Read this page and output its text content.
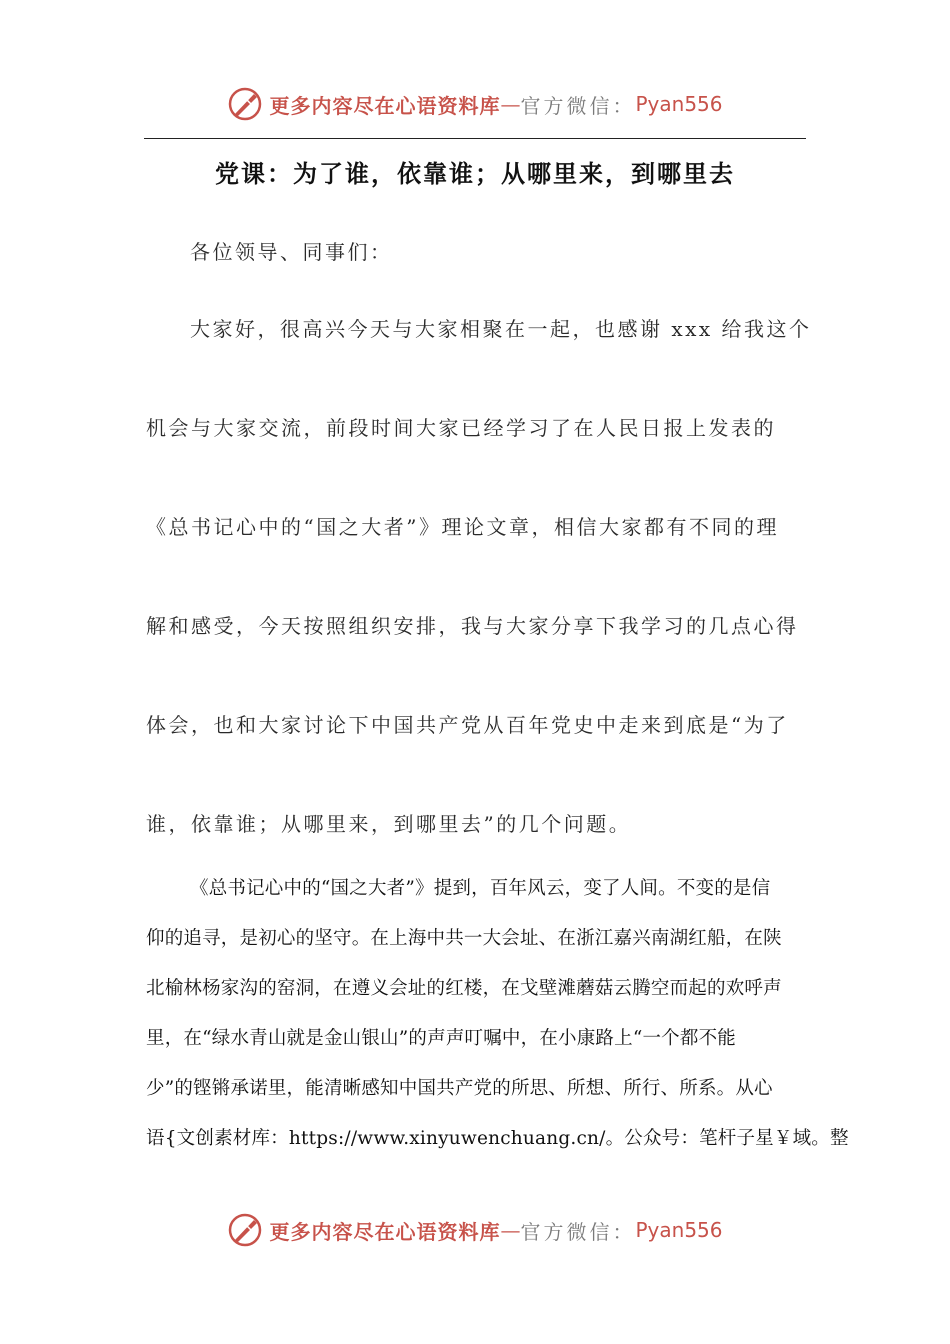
更多内容尽在心语资料库 — 官方微信： Pyan556
党课：为了谁，依靠谁；从哪里来，到哪里去
各位领导、同事们：
大家好，很高兴今天与大家相聚在一起，也感谢 xxx 给我这个
机会与大家交流，前段时间大家已经学习了在人民日报上发表的
《总书记心中的“国之大者”》理论文章，相信大家都有不同的理
解和感受，今天按照组织安排，我与大家分享下我学习的几点心得
体会，也和大家讨论下中国共产党从百年党史中走来到底是“为了
谁，依靠谁；从哪里来，到哪里去”的几个问题。
《总书记心中的“国之大者”》提到，百年风云，变了人间。不变的是信
仰的追寻，是初心的坚守。在上海中共一大会址、在浙江嘉兴南湖红船，在陕
北榆林杨家沟的窑洞，在遵义会址的红楼，在戈壁滩蘑菇云腾空而起的欢呼声
里，在“绿水青山就是金山银山”的声声叮嘱中，在小康路上“一个都不能
少”的铿锵承诺里，能清晰感知中国共产党的所思、所想、所行、所系。从心
语{文创素材库：https://www.xinyuwenchuang.cn/。公众号：笔杆子星￥域。整
更多内容尽在心语资料库 — 官方微信： Pyan556
